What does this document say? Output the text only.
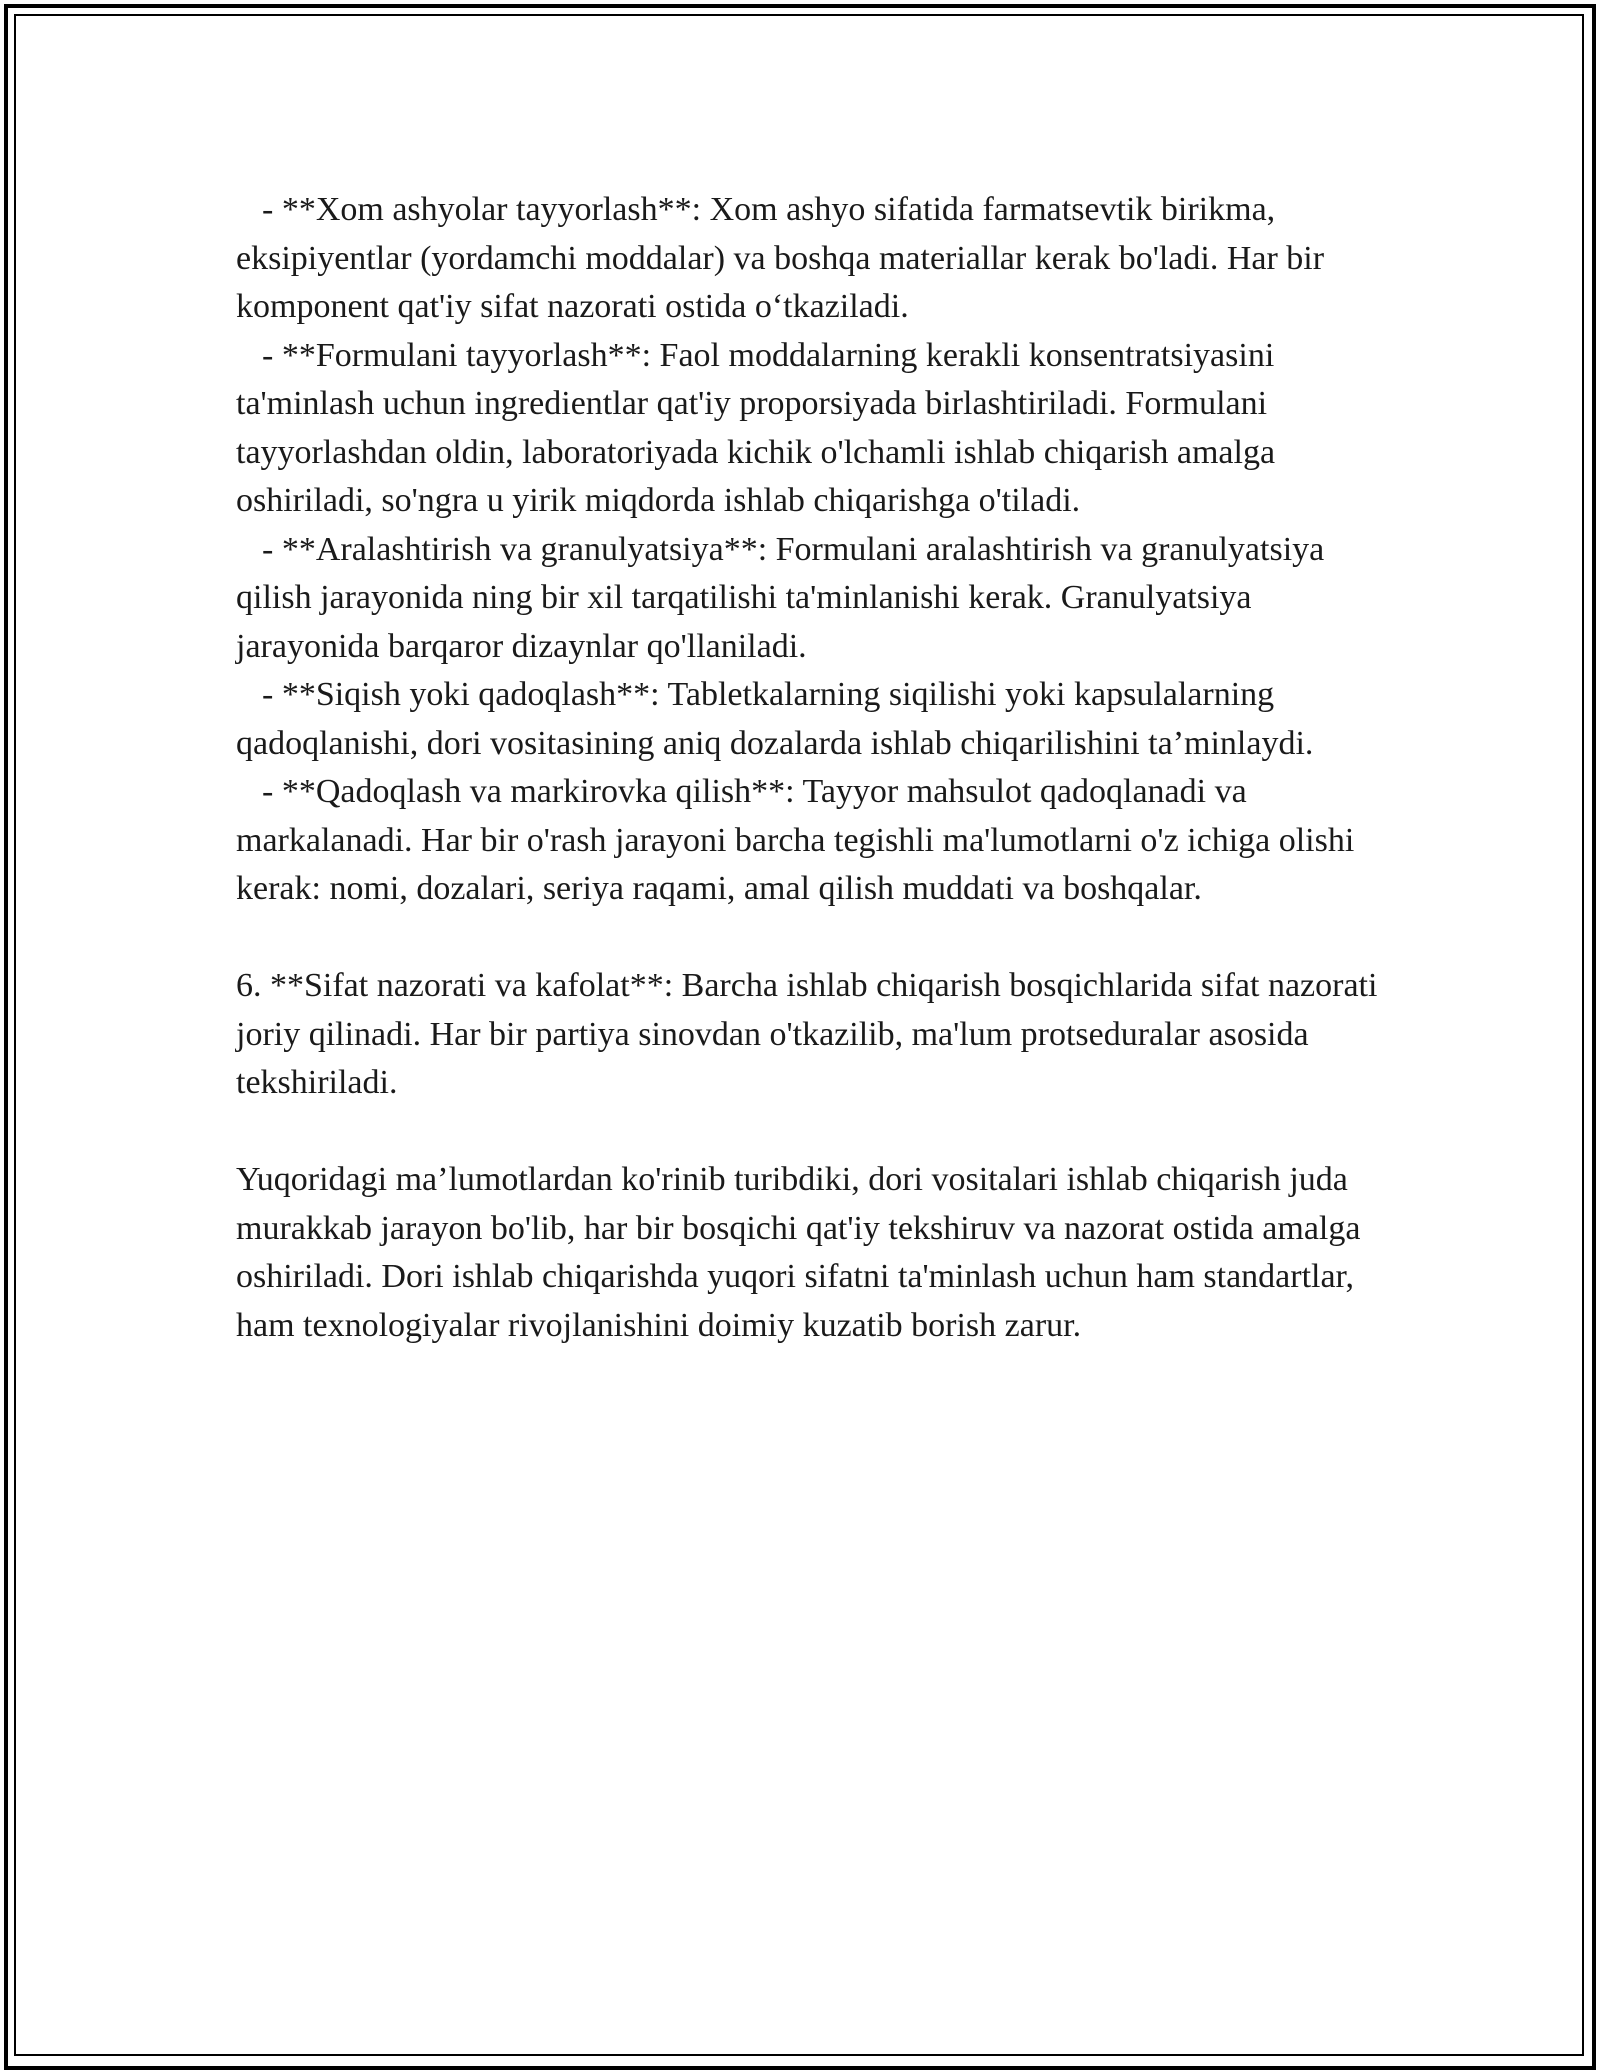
- **Xom ashyolar tayyorlash**: Xom ashyo sifatida farmatsevtik birikma, eksipiyentlar (yordamchi moddalar) va boshqa materiallar kerak bo'ladi. Har bir komponent qat'iy sifat nazorati ostida o‘tkaziladi.

- **Formulani tayyorlash**: Faol moddalarning kerakli konsentratsiyasini ta'minlash uchun ingredientlar qat'iy proporsiyada birlashtiriladi. Formulani tayyorlashdan oldin, laboratoriyada kichik o'lchamli ishlab chiqarish amalga oshiriladi, so'ngra u yirik miqdorda ishlab chiqarishga o'tiladi.

- **Aralashtirish va granulyatsiya**: Formulani aralashtirish va granulyatsiya qilish jarayonida ning bir xil tarqatilishi ta'minlanishi kerak. Granulyatsiya jarayonida barqaror dizaynlar qo'llaniladi.

- **Siqish yoki qadoqlash**: Tabletkalarning siqilishi yoki kapsulalarning qadoqlanishi, dori vositasining aniq dozalarda ishlab chiqarilishini ta’minlaydi.

- **Qadoqlash va markirovka qilish**: Tayyor mahsulot qadoqlanadi va markalanadi. Har bir o'rash jarayoni barcha tegishli ma'lumotlarni o'z ichiga olishi kerak: nomi, dozalari, seriya raqami, amal qilish muddati va boshqalar.

6. **Sifat nazorati va kafolat**: Barcha ishlab chiqarish bosqichlarida sifat nazorati joriy qilinadi. Har bir partiya sinovdan o'tkazilib, ma'lum protseduralar asosida tekshiriladi.

Yuqoridagi ma’lumotlardan ko'rinib turibdiki, dori vositalari ishlab chiqarish juda murakkab jarayon bo'lib, har bir bosqichi qat'iy tekshiruv va nazorat ostida amalga oshiriladi. Dori ishlab chiqarishda yuqori sifatni ta'minlash uchun ham standartlar, ham texnologiyalar rivojlanishini doimiy kuzatib borish zarur.
